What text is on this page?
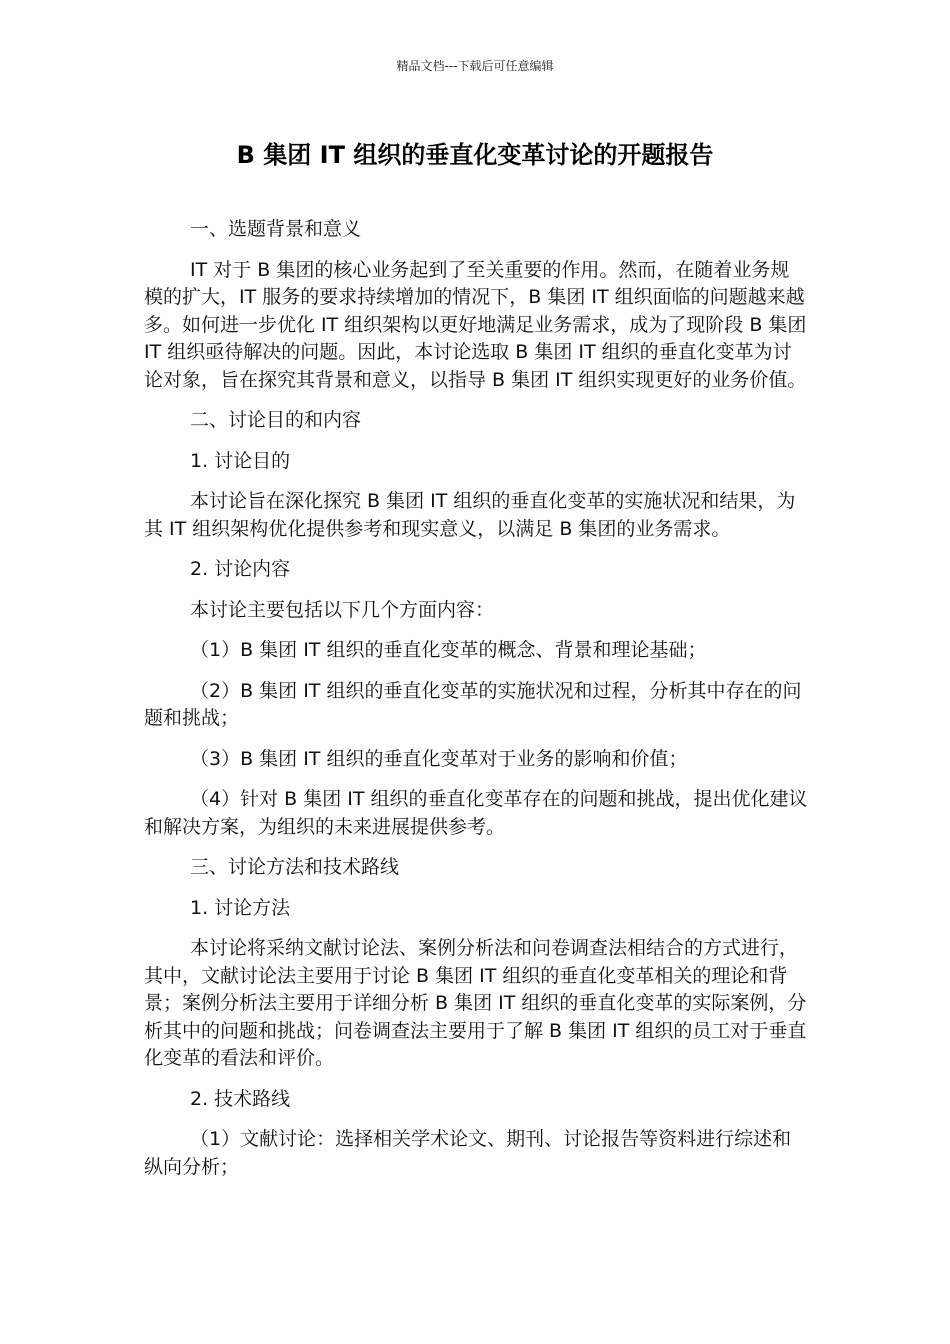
精品文档---下载后可任意编辑
B 集团 IT 组织的垂直化变革讨论的开题报告

一、选题背景和意义

IT 对于 B 集团的核心业务起到了至关重要的作用。然而，在随着业务规模的扩大，IT 服务的要求持续增加的情况下，B 集团 IT 组织面临的问题越来越多。如何进一步优化 IT 组织架构以更好地满足业务需求，成为了现阶段 B 集团 IT 组织亟待解决的问题。因此，本讨论选取 B 集团 IT 组织的垂直化变革为讨论对象，旨在探究其背景和意义，以指导 B 集团 IT 组织实现更好的业务价值。

二、讨论目的和内容

1. 讨论目的

本讨论旨在深化探究 B 集团 IT 组织的垂直化变革的实施状况和结果，为其 IT 组织架构优化提供参考和现实意义，以满足 B 集团的业务需求。

2. 讨论内容

本讨论主要包括以下几个方面内容：

（1）B 集团 IT 组织的垂直化变革的概念、背景和理论基础；

（2）B 集团 IT 组织的垂直化变革的实施状况和过程，分析其中存在的问题和挑战；

（3）B 集团 IT 组织的垂直化变革对于业务的影响和价值；

（4）针对 B 集团 IT 组织的垂直化变革存在的问题和挑战，提出优化建议和解决方案，为组织的未来进展提供参考。

三、讨论方法和技术路线

1. 讨论方法

本讨论将采纳文献讨论法、案例分析法和问卷调查法相结合的方式进行，其中，文献讨论法主要用于讨论 B 集团 IT 组织的垂直化变革相关的理论和背景；案例分析法主要用于详细分析 B 集团 IT 组织的垂直化变革的实际案例，分析其中的问题和挑战；问卷调查法主要用于了解 B 集团 IT 组织的员工对于垂直化变革的看法和评价。

2. 技术路线

（1）文献讨论：选择相关学术论文、期刊、讨论报告等资料进行综述和纵向分析；
